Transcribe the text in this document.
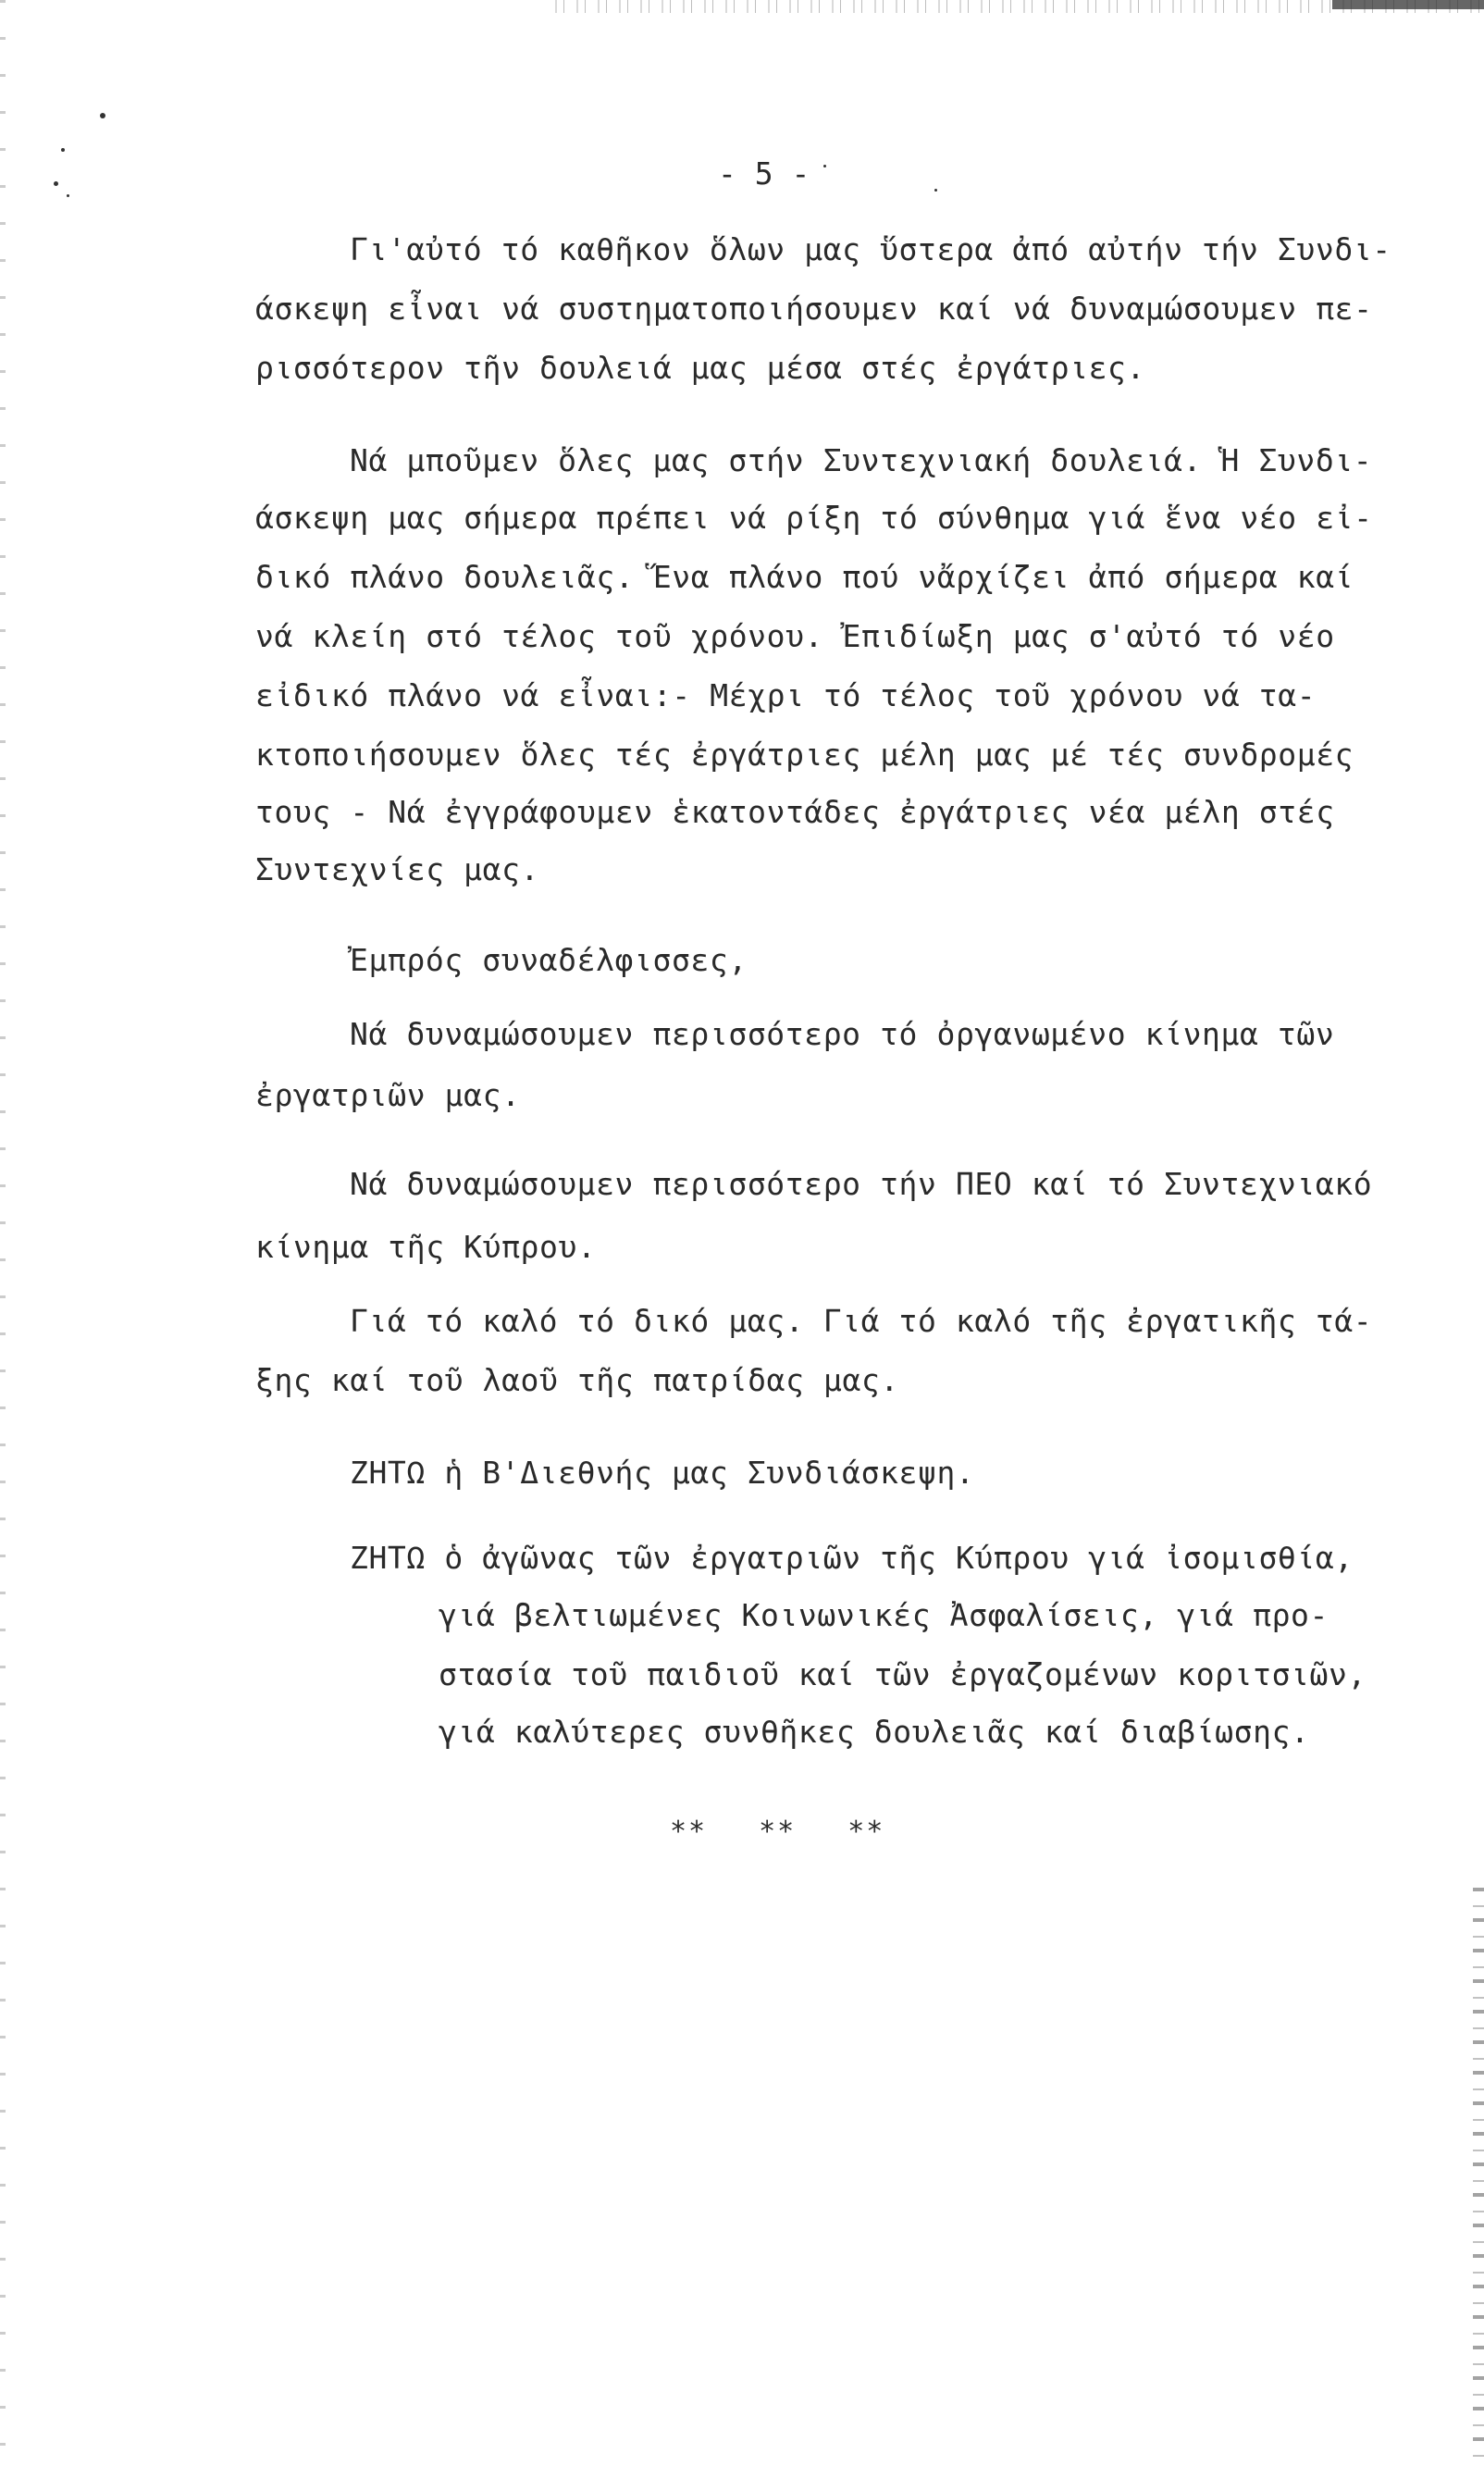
- 5 -
Γι'αὐτό τό καθῆκον ὅλων μας ὕστερα ἀπό αὐτήν τήν Συνδι-
άσκεψη εἶναι νά συστηματοποιήσουμεν καί νά δυναμώσουμεν πε-
ρισσότερον τῆν δουλειά μας μέσα στές ἐργάτριες.
Νά μποῦμεν ὅλες μας στήν Συντεχνιακή δουλειά. Ἡ Συνδι-
άσκεψη μας σήμερα πρέπει νά ρίξη τό σύνθημα γιά ἕνα νέο εἰ-
δικό πλάνο δουλειᾶς. Ἕνα πλάνο πού νἄρχίζει ἀπό σήμερα καί
νά κλείη στό τέλος τοῦ χρόνου. Ἐπιδίωξη μας σ'αὐτό τό νέο
εἰδικό πλάνο νά εἶναι:- Μέχρι τό τέλος τοῦ χρόνου νά τα-
κτοποιήσουμεν ὅλες τές ἐργάτριες μέλη μας μέ τές συνδρομές
τους - Νά ἐγγράφουμεν ἑκατοντάδες ἐργάτριες νέα μέλη στές
Συντεχνίες μας.
Ἐμπρός συναδέλφισσες,
Νά δυναμώσουμεν περισσότερο τό ὀργανωμένο κίνημα τῶν
ἐργατριῶν μας.
Νά δυναμώσουμεν περισσότερο τήν ΠΕΟ καί τό Συντεχνιακό
κίνημα τῆς Κύπρου.
Γιά τό καλό τό δικό μας. Γιά τό καλό τῆς ἐργατικῆς τά-
ξης καί τοῦ λαοῦ τῆς πατρίδας μας.
ΖΗΤΩ ἡ Β'Διεθνής μας Συνδιάσκεψη.
ΖΗΤΩ ὁ ἀγῶνας τῶν ἐργατριῶν τῆς Κύπρου γιά ἰσομισθία,
γιά βελτιωμένες Κοινωνικές Ἀσφαλίσεις, γιά προ-
στασία τοῦ παιδιοῦ καί τῶν ἐργαζομένων κοριτσιῶν,
γιά καλύτερες συνθῆκες δουλειᾶς καί διαβίωσης.
** ** **
